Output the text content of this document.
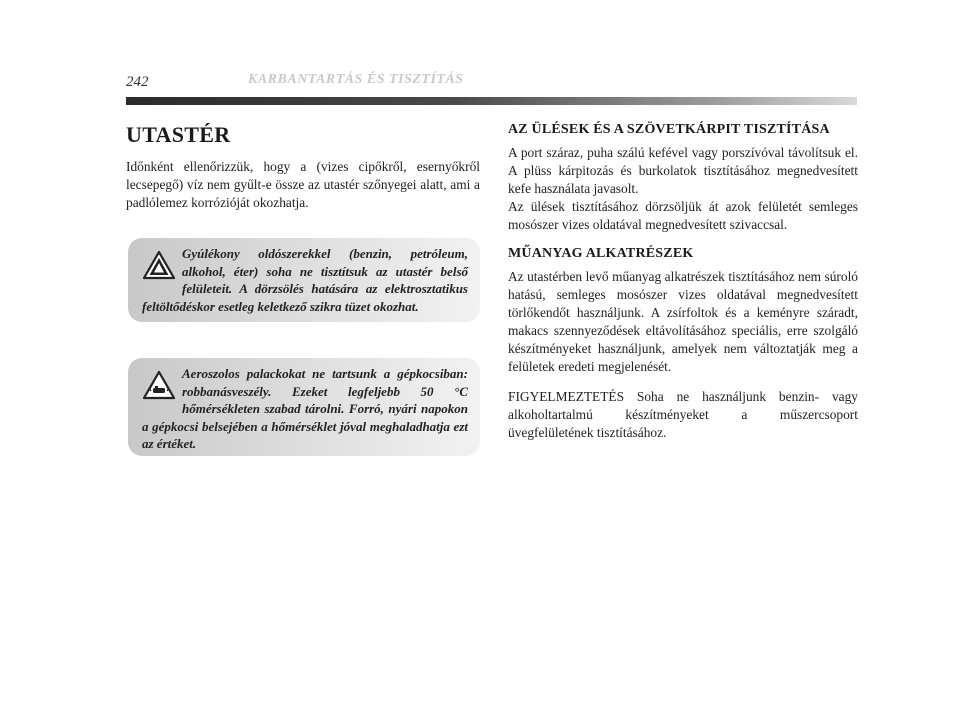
242	KARBANTARTÁS ÉS TISZTÍTÁS
UTASTÉR

Időnként ellenőrizzük, hogy a (vizes cipőkről, esernyőkről lecsepegő) víz nem gyűlt-e össze az utastér szőnyegei alatt, ami a padlólemez korrózióját okozhatja.

Gyúlékony oldószerekkel (benzin, petróleum, alkohol, éter) soha ne tisztítsuk az utastér belső felületeit. A dörzsölés hatására az elektrosztatikus feltöltődéskor esetleg keletkező szikra tüzet okozhat.
Aeroszolos palackokat ne tartsunk a gépkocsiban: robbanásveszély. Ezeket legfeljebb 50 °C hőmérsékleten szabad tárolni. Forró, nyári napokon a gépkocsi belsejében a hőmérséklet jóval meghaladhatja ezt az értéket.
AZ ÜLÉSEK ÉS A SZÖVETKÁRPIT TISZTÍTÁSA

A port száraz, puha szálú kefével vagy porszívóval távolítsuk el. A plüss kárpitozás és burkolatok tisztításához megnedvesített kefe használata javasolt.

Az ülések tisztításához dörzsöljük át azok felületét semleges mosószer vizes oldatával megnedvesített szivaccsal.

MŰANYAG ALKATRÉSZEK

Az utastérben levő műanyag alkatrészek tisztításához nem súroló hatású, semleges mosószer vizes oldatával megnedvesített törlőkendőt használjunk. A zsírfoltok és a keményre száradt, makacs szennyeződések eltávolításához speciális, erre szolgáló készítményeket használjunk, amelyek nem változtatják meg a felületek eredeti megjelenését.

FIGYELMEZTETÉS Soha ne használjunk benzin- vagy alkoholtartalmú készítményeket a műszercsoport üvegfelületének tisztításához.
